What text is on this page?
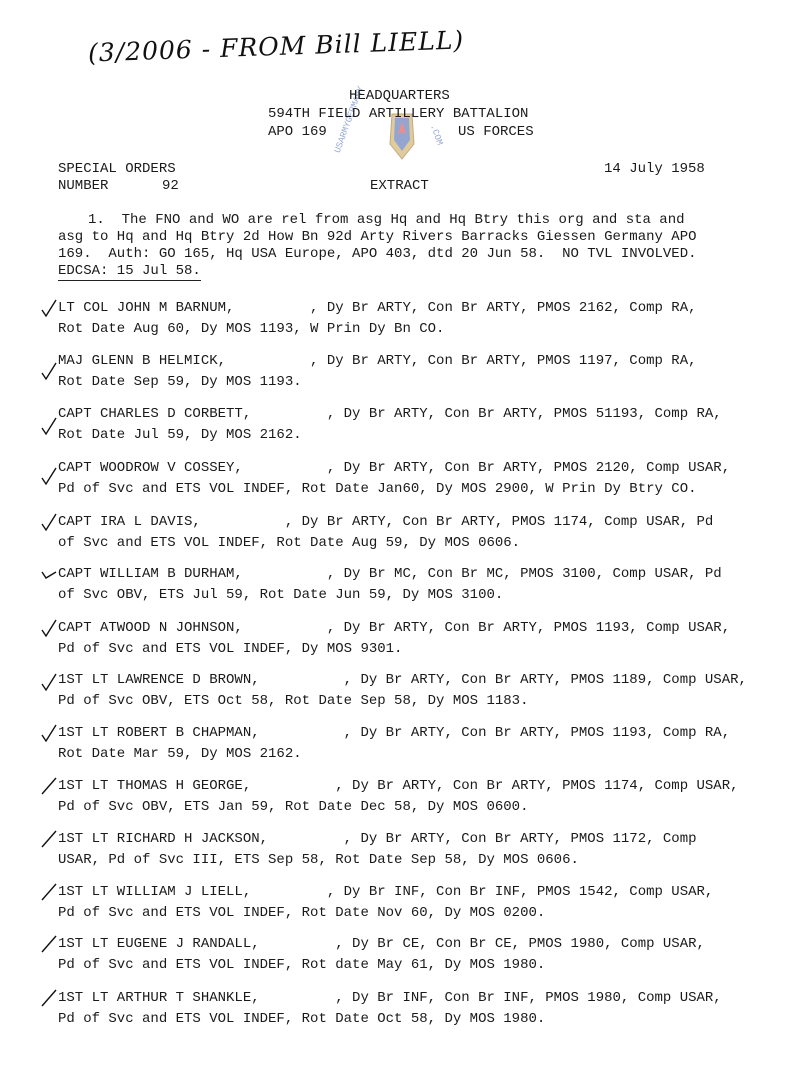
(3/2006 - FROM Bill LIELL)
USARMYGERMANY	.COM
HEADQUARTERS
594TH FIELD ARTILLERY BATTALION
APO 169	US FORCES
SPECIAL ORDERS	14 July 1958
NUMBER	92	EXTRACT
1.  The FNO and WO are rel from asg Hq and Hq Btry this org and sta and
asg to Hq and Hq Btry 2d How Bn 92d Arty Rivers Barracks Giessen Germany APO
169.  Auth: GO 165, Hq USA Europe, APO 403, dtd 20 Jun 58.  NO TVL INVOLVED.
EDCSA: 15 Jul 58.
LT COL JOHN M BARNUM,         , Dy Br ARTY, Con Br ARTY, PMOS 2162, Comp RA,
Rot Date Aug 60, Dy MOS 1193, W Prin Dy Bn CO.
MAJ GLENN B HELMICK,          , Dy Br ARTY, Con Br ARTY, PMOS 1197, Comp RA,
Rot Date Sep 59, Dy MOS 1193.
CAPT CHARLES D CORBETT,         , Dy Br ARTY, Con Br ARTY, PMOS 51193, Comp RA,
Rot Date Jul 59, Dy MOS 2162.
CAPT WOODROW V COSSEY,          , Dy Br ARTY, Con Br ARTY, PMOS 2120, Comp USAR,
Pd of Svc and ETS VOL INDEF, Rot Date Jan60, Dy MOS 2900, W Prin Dy Btry CO.
CAPT IRA L DAVIS,          , Dy Br ARTY, Con Br ARTY, PMOS 1174, Comp USAR, Pd
of Svc and ETS VOL INDEF, Rot Date Aug 59, Dy MOS 0606.
CAPT WILLIAM B DURHAM,          , Dy Br MC, Con Br MC, PMOS 3100, Comp USAR, Pd
of Svc OBV, ETS Jul 59, Rot Date Jun 59, Dy MOS 3100.
CAPT ATWOOD N JOHNSON,          , Dy Br ARTY, Con Br ARTY, PMOS 1193, Comp USAR,
Pd of Svc and ETS VOL INDEF, Dy MOS 9301.
1ST LT LAWRENCE D BROWN,          , Dy Br ARTY, Con Br ARTY, PMOS 1189, Comp USAR,
Pd of Svc OBV, ETS Oct 58, Rot Date Sep 58, Dy MOS 1183.
1ST LT ROBERT B CHAPMAN,          , Dy Br ARTY, Con Br ARTY, PMOS 1193, Comp RA,
Rot Date Mar 59, Dy MOS 2162.
1ST LT THOMAS H GEORGE,          , Dy Br ARTY, Con Br ARTY, PMOS 1174, Comp USAR,
Pd of Svc OBV, ETS Jan 59, Rot Date Dec 58, Dy MOS 0600.
1ST LT RICHARD H JACKSON,         , Dy Br ARTY, Con Br ARTY, PMOS 1172, Comp
USAR, Pd of Svc III, ETS Sep 58, Rot Date Sep 58, Dy MOS 0606.
1ST LT WILLIAM J LIELL,         , Dy Br INF, Con Br INF, PMOS 1542, Comp USAR,
Pd of Svc and ETS VOL INDEF, Rot Date Nov 60, Dy MOS 0200.
1ST LT EUGENE J RANDALL,         , Dy Br CE, Con Br CE, PMOS 1980, Comp USAR,
Pd of Svc and ETS VOL INDEF, Rot date May 61, Dy MOS 1980.
1ST LT ARTHUR T SHANKLE,         , Dy Br INF, Con Br INF, PMOS 1980, Comp USAR,
Pd of Svc and ETS VOL INDEF, Rot Date Oct 58, Dy MOS 1980.
